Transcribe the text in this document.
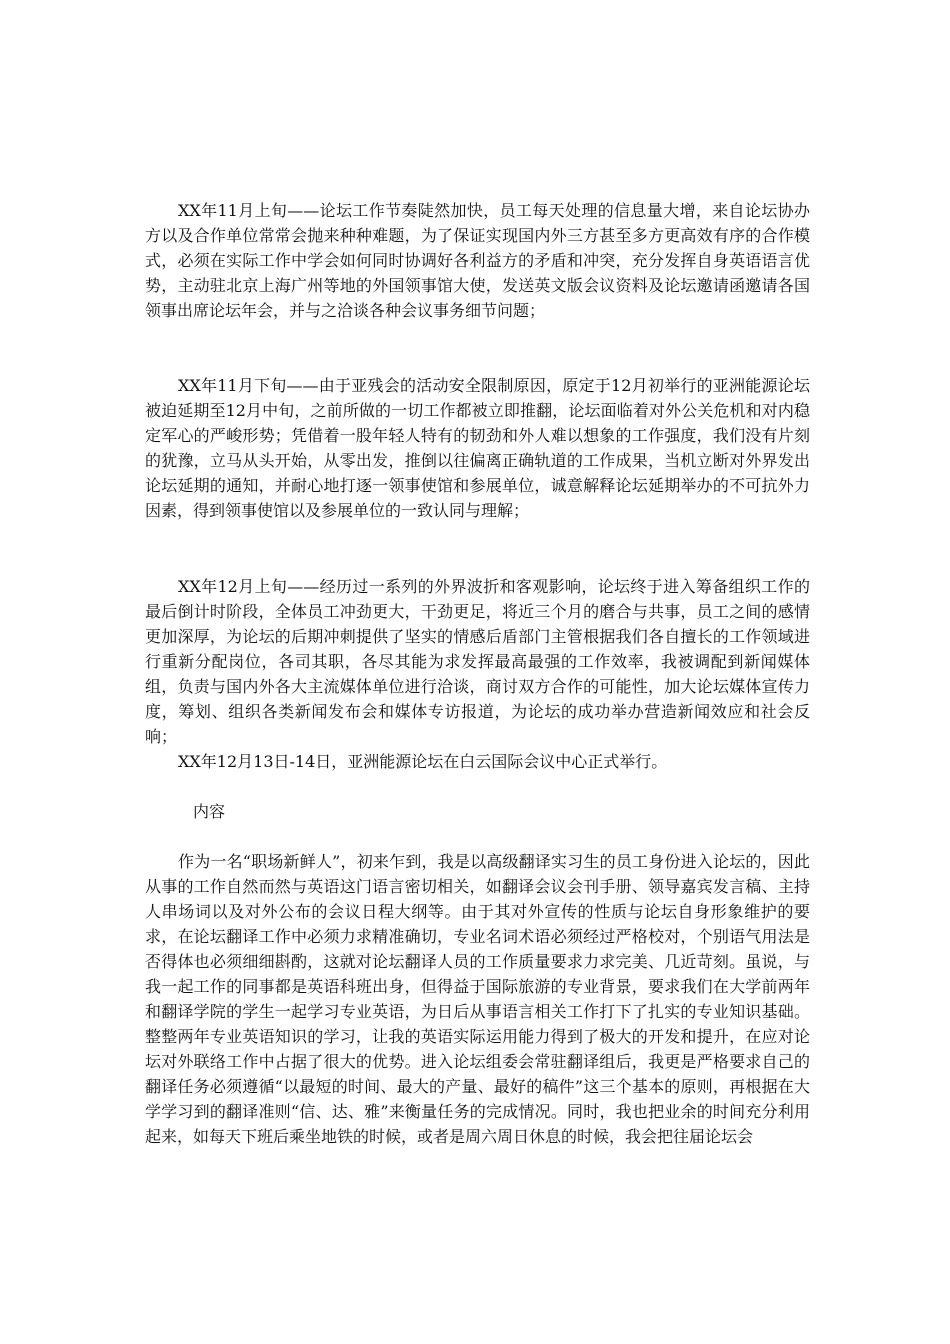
XX年11月上旬——论坛工作节奏陡然加快，员工每天处理的信息量大增，来自论坛协办方以及合作单位常常会抛来种种难题，为了保证实现国内外三方甚至多方更高效有序的合作模式，必须在实际工作中学会如何同时协调好各利益方的矛盾和冲突，充分发挥自身英语语言优势，主动驻北京上海广州等地的外国领事馆大使，发送英文版会议资料及论坛邀请函邀请各国领事出席论坛年会，并与之洽谈各种会议事务细节问题；

XX年11月下旬——由于亚残会的活动安全限制原因，原定于12月初举行的亚洲能源论坛被迫延期至12月中旬，之前所做的一切工作都被立即推翻，论坛面临着对外公关危机和对内稳定军心的严峻形势；凭借着一股年轻人特有的韧劲和外人难以想象的工作强度，我们没有片刻的犹豫，立马从头开始，从零出发，推倒以往偏离正确轨道的工作成果，当机立断对外界发出论坛延期的通知，并耐心地打逐一领事使馆和参展单位，诚意解释论坛延期举办的不可抗外力因素，得到领事使馆以及参展单位的一致认同与理解；

XX年12月上旬——经历过一系列的外界波折和客观影响，论坛终于进入筹备组织工作的最后倒计时阶段，全体员工冲劲更大，干劲更足，将近三个月的磨合与共事，员工之间的感情更加深厚，为论坛的后期冲刺提供了坚实的情感后盾部门主管根据我们各自擅长的工作领域进行重新分配岗位，各司其职，各尽其能为求发挥最高最强的工作效率，我被调配到新闻媒体组，负责与国内外各大主流媒体单位进行洽谈，商讨双方合作的可能性，加大论坛媒体宣传力度，筹划、组织各类新闻发布会和媒体专访报道，为论坛的成功举办营造新闻效应和社会反响；

XX年12月13日-14日，亚洲能源论坛在白云国际会议中心正式举行。

内容

作为一名“职场新鲜人”，初来乍到，我是以高级翻译实习生的员工身份进入论坛的，因此从事的工作自然而然与英语这门语言密切相关，如翻译会议会刊手册、领导嘉宾发言稿、主持人串场词以及对外公布的会议日程大纲等。由于其对外宣传的性质与论坛自身形象维护的要求，在论坛翻译工作中必须力求精准确切，专业名词术语必须经过严格校对，个别语气用法是否得体也必须细细斟酌，这就对论坛翻译人员的工作质量要求力求完美、几近苛刻。虽说，与我一起工作的同事都是英语科班出身，但得益于国际旅游的专业背景，要求我们在大学前两年和翻译学院的学生一起学习专业英语，为日后从事语言相关工作打下了扎实的专业知识基础。整整两年专业英语知识的学习，让我的英语实际运用能力得到了极大的开发和提升，在应对论坛对外联络工作中占据了很大的优势。进入论坛组委会常驻翻译组后，我更是严格要求自己的翻译任务必须遵循“以最短的时间、最大的产量、最好的稿件”这三个基本的原则，再根据在大学学习到的翻译准则“信、达、雅”来衡量任务的完成情况。同时，我也把业余的时间充分利用起来，如每天下班后乘坐地铁的时候，或者是周六周日休息的时候，我会把往届论坛会
